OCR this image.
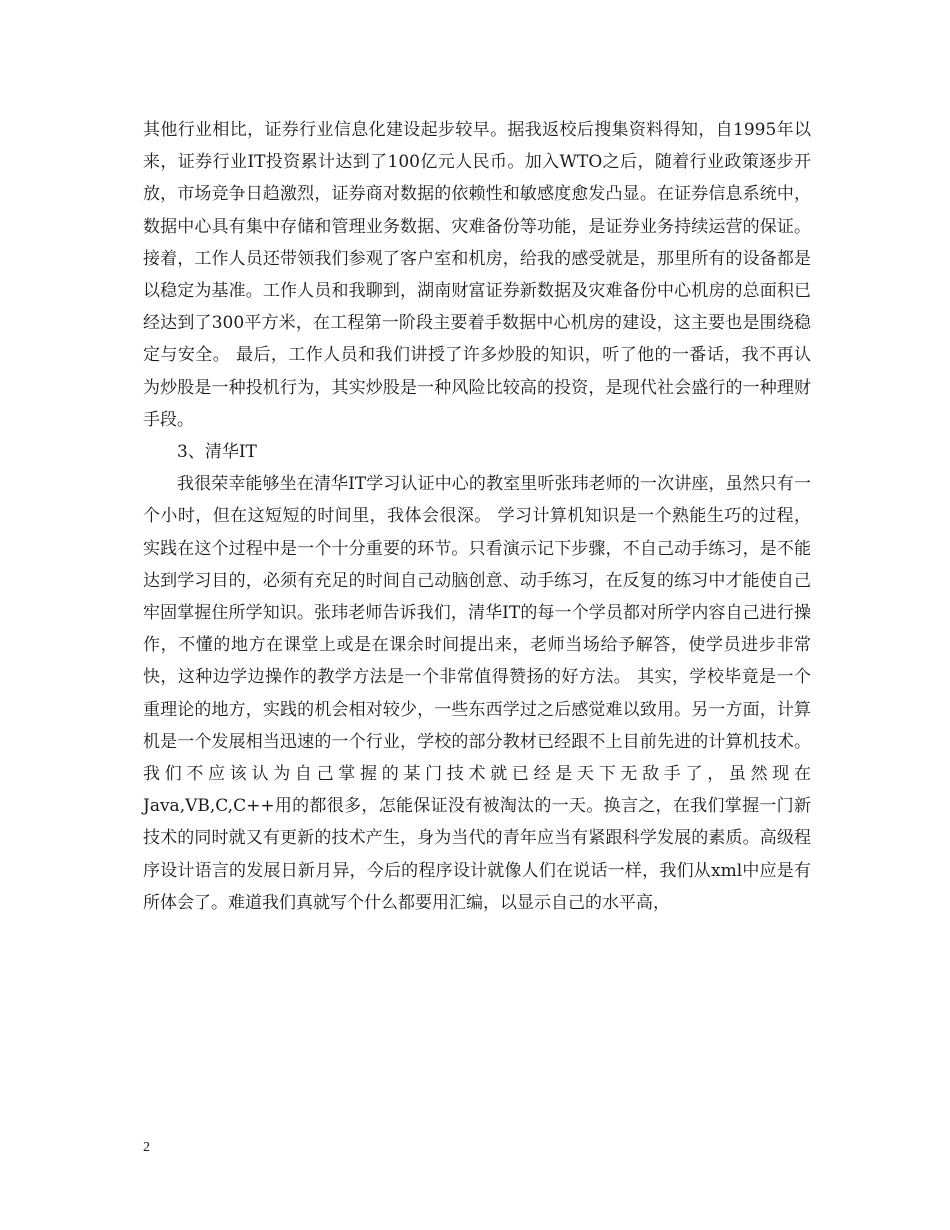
其他行业相比，证券行业信息化建设起步较早。据我返校后搜集资料得知，自1995年以来，证券行业IT投资累计达到了100亿元人民币。加入WTO之后，随着行业政策逐步开放，市场竞争日趋激烈，证券商对数据的依赖性和敏感度愈发凸显。在证券信息系统中，数据中心具有集中存储和管理业务数据、灾难备份等功能，是证券业务持续运营的保证。 接着，工作人员还带领我们参观了客户室和机房，给我的感受就是，那里所有的设备都是以稳定为基准。工作人员和我聊到，湖南财富证券新数据及灾难备份中心机房的总面积已经达到了300平方米，在工程第一阶段主要着手数据中心机房的建设，这主要也是围绕稳定与安全。 最后，工作人员和我们讲授了许多炒股的知识，听了他的一番话，我不再认为炒股是一种投机行为，其实炒股是一种风险比较高的投资，是现代社会盛行的一种理财手段。

3、清华IT

我很荣幸能够坐在清华IT学习认证中心的教室里听张玮老师的一次讲座，虽然只有一个小时，但在这短短的时间里，我体会很深。 学习计算机知识是一个熟能生巧的过程，实践在这个过程中是一个十分重要的环节。只看演示记下步骤，不自己动手练习，是不能达到学习目的，必须有充足的时间自己动脑创意、动手练习，在反复的练习中才能使自己牢固掌握住所学知识。张玮老师告诉我们，清华IT的每一个学员都对所学内容自己进行操作，不懂的地方在课堂上或是在课余时间提出来，老师当场给予解答，使学员进步非常快，这种边学边操作的教学方法是一个非常值得赞扬的好方法。 其实，学校毕竟是一个重理论的地方，实践的机会相对较少，一些东西学过之后感觉难以致用。另一方面，计算机是一个发展相当迅速的一个行业，学校的部分教材已经跟不上目前先进的计算机技术。我们不应该认为自己掌握的某门技术就已经是天下无敌手了，虽然现在Java,VB,C,C++用的都很多，怎能保证没有被淘汰的一天。换言之，在我们掌握一门新技术的同时就又有更新的技术产生，身为当代的青年应当有紧跟科学发展的素质。高级程序设计语言的发展日新月异，今后的程序设计就像人们在说话一样，我们从xml中应是有所体会了。难道我们真就写个什么都要用汇编，以显示自己的水平高，

2
